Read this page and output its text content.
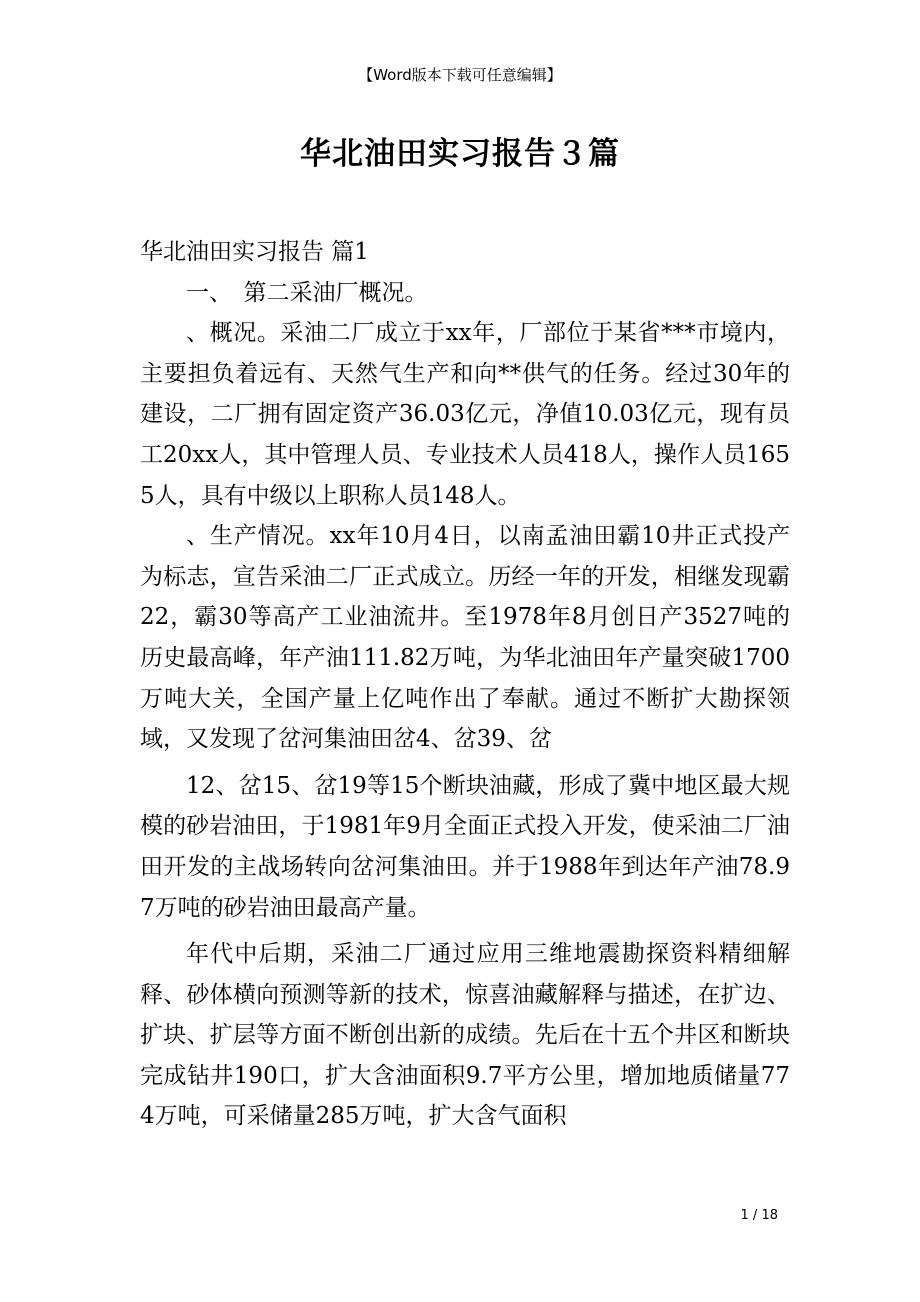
【Word版本下载可任意编辑】
华北油田实习报告３篇

华北油田实习报告 篇1

一、　第二采油厂概况。

、概况。采油二厂成立于xx年，厂部位于某省***市境内，主要担负着远有、天然气生产和向**供气的任务。经过30年的建设，二厂拥有固定资产36.03亿元，净值10.03亿元，现有员工20xx人，其中管理人员、专业技术人员418人，操作人员1655人，具有中级以上职称人员148人。

、生产情况。xx年10月4日，以南孟油田霸10井正式投产为标志，宣告采油二厂正式成立。历经一年的开发，相继发现霸22，霸30等高产工业油流井。至1978年8月创日产3527吨的历史最高峰，年产油111.82万吨，为华北油田年产量突破1700万吨大关，全国产量上亿吨作出了奉献。通过不断扩大勘探领域，又发现了岔河集油田岔4、岔39、岔

12、岔15、岔19等15个断块油藏，形成了冀中地区最大规模的砂岩油田，于1981年9月全面正式投入开发，使采油二厂油田开发的主战场转向岔河集油田。并于1988年到达年产油78.97万吨的砂岩油田最高产量。

年代中后期，采油二厂通过应用三维地震勘探资料精细解释、砂体横向预测等新的技术，惊喜油藏解释与描述，在扩边、扩块、扩层等方面不断创出新的成绩。先后在十五个井区和断块完成钻井190口，扩大含油面积9.7平方公里，增加地质储量774万吨，可采储量285万吨，扩大含气面积

1 / 18
